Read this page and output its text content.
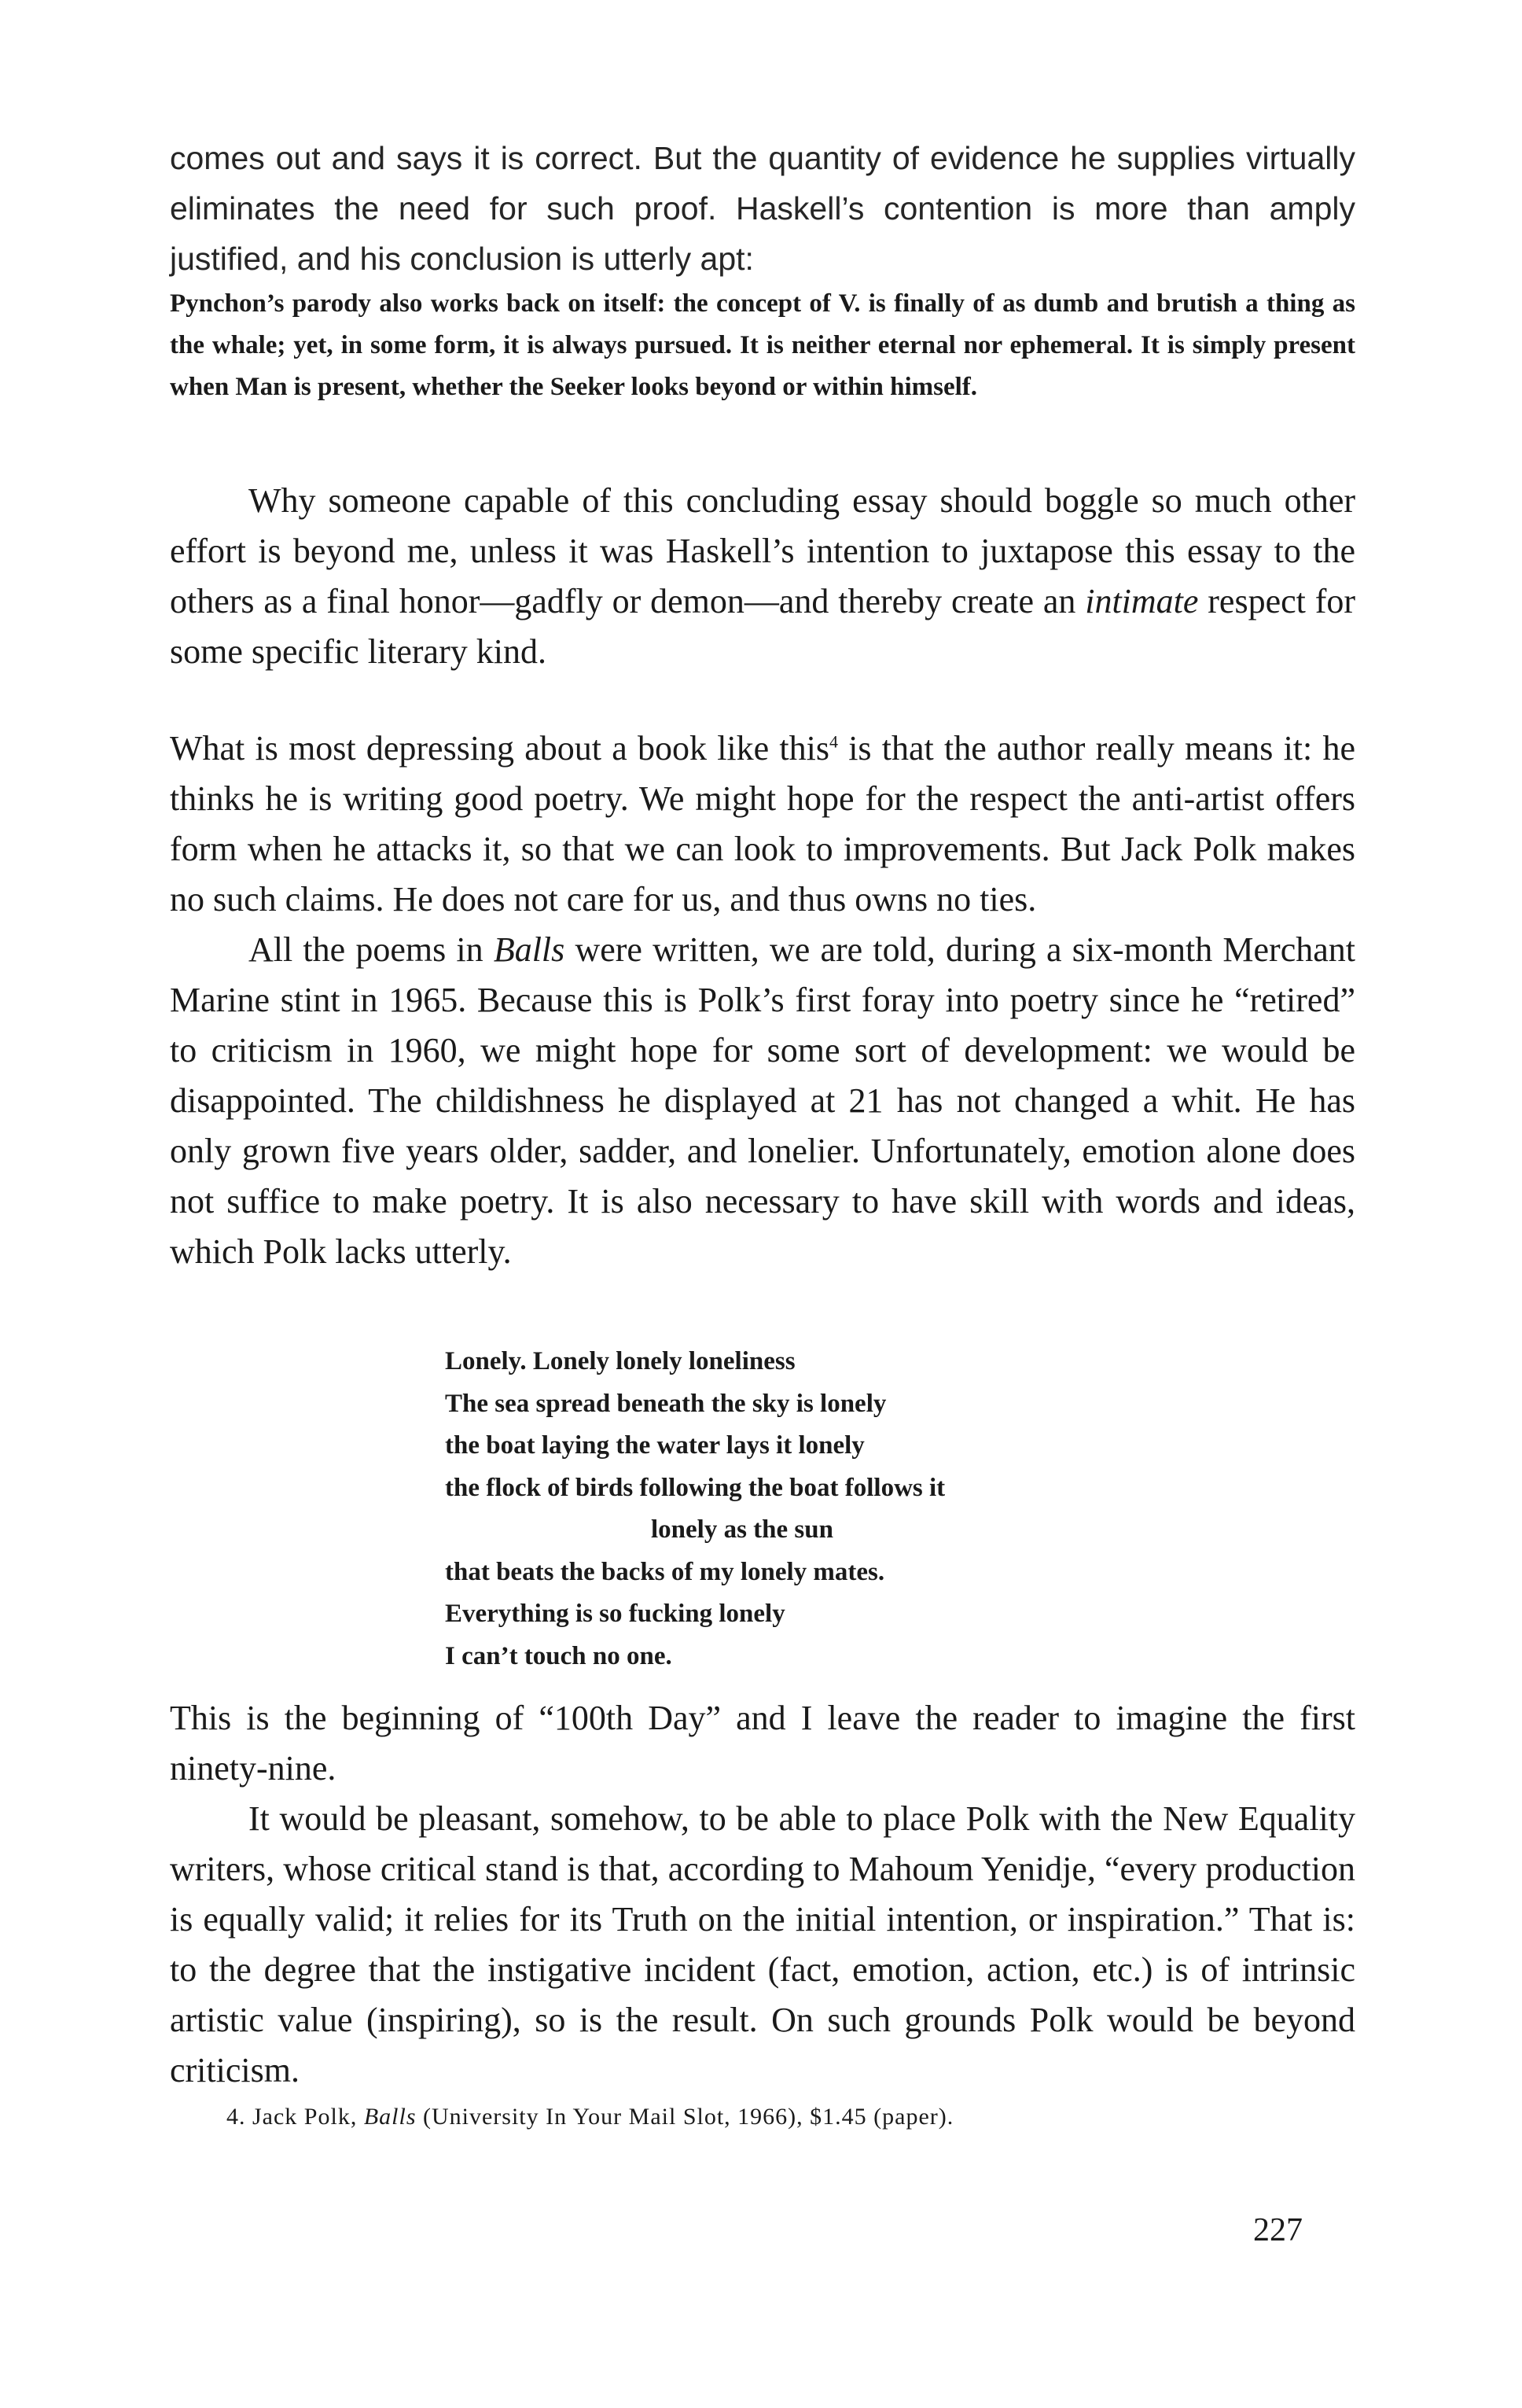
comes out and says it is correct. But the quantity of evidence he supplies virtually eliminates the need for such proof. Haskell’s contention is more than amply justified, and his conclusion is utterly apt:

Pynchon’s parody also works back on itself: the concept of V. is finally of as dumb and brutish a thing as the whale; yet, in some form, it is always pursued. It is neither eternal nor ephemeral. It is simply present when Man is present, whether the Seeker looks beyond or within himself.

Why someone capable of this concluding essay should boggle so much other effort is beyond me, unless it was Haskell’s intention to juxtapose this essay to the others as a final honor—gadfly or demon—and thereby create an intimate respect for some specific literary kind.

What is most depressing about a book like this$^4$ is that the author really means it: he thinks he is writing good poetry. We might hope for the respect the anti-artist offers form when he attacks it, so that we can look to improvements. But Jack Polk makes no such claims. He does not care for us, and thus owns no ties.

All the poems in Balls were written, we are told, during a six-month Merchant Marine stint in 1965. Because this is Polk’s first foray into poetry since he “retired” to criticism in 1960, we might hope for some sort of development: we would be disappointed. The childishness he displayed at 21 has not changed a whit. He has only grown five years older, sadder, and lonelier. Unfortunately, emotion alone does not suffice to make poetry. It is also necessary to have skill with words and ideas, which Polk lacks utterly.

Lonely. Lonely lonely loneliness
The sea spread beneath the sky is lonely
the boat laying the water lays it lonely
the flock of birds following the boat follows it
lonely as the sun
that beats the backs of my lonely mates.
Everything is so fucking lonely
I can’t touch no one.

This is the beginning of “100th Day” and I leave the reader to imagine the first ninety-nine.

It would be pleasant, somehow, to be able to place Polk with the New Equality writers, whose critical stand is that, according to Mahoum Yenidje, “every production is equally valid; it relies for its Truth on the initial intention, or inspiration.” That is: to the degree that the instigative incident (fact, emotion, action, etc.) is of intrinsic artistic value (inspiring), so is the result. On such grounds Polk would be beyond criticism.

4. Jack Polk, Balls (University In Your Mail Slot, 1966), $1.45 (paper).

227
